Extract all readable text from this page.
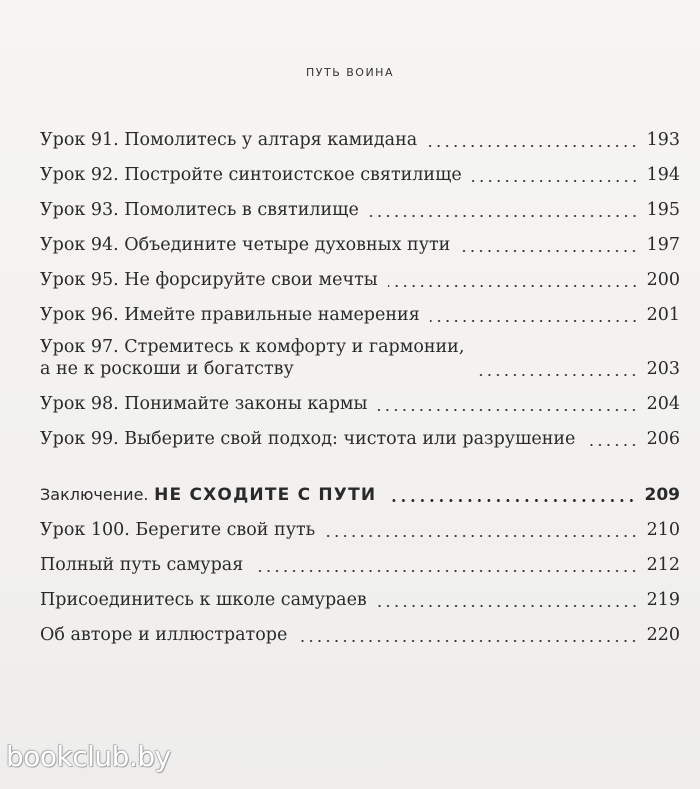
ПУТЬ ВОИНА
Урок 91. Помолитесь у алтаря камидана	193
Урок 92. Постройте синтоистское святилище	194
Урок 93. Помолитесь в святилище	195
Урок 94. Объедините четыре духовных пути	197
Урок 95. Не форсируйте свои мечты	200
Урок 96. Имейте правильные намерения	201
Урок 97. Стремитесь к комфорту и гармонии,
а не к роскоши и богатству	203
Урок 98. Понимайте законы кармы	204
Урок 99. Выберите свой подход: чистота или разрушение	206
Заключение. НЕ СХОДИТЕ С ПУТИ	209
Урок 100. Берегите свой путь	210
Полный путь самурая	212
Присоединитесь к школе самураев	219
Об авторе и иллюстраторе	220
bookclub.by
